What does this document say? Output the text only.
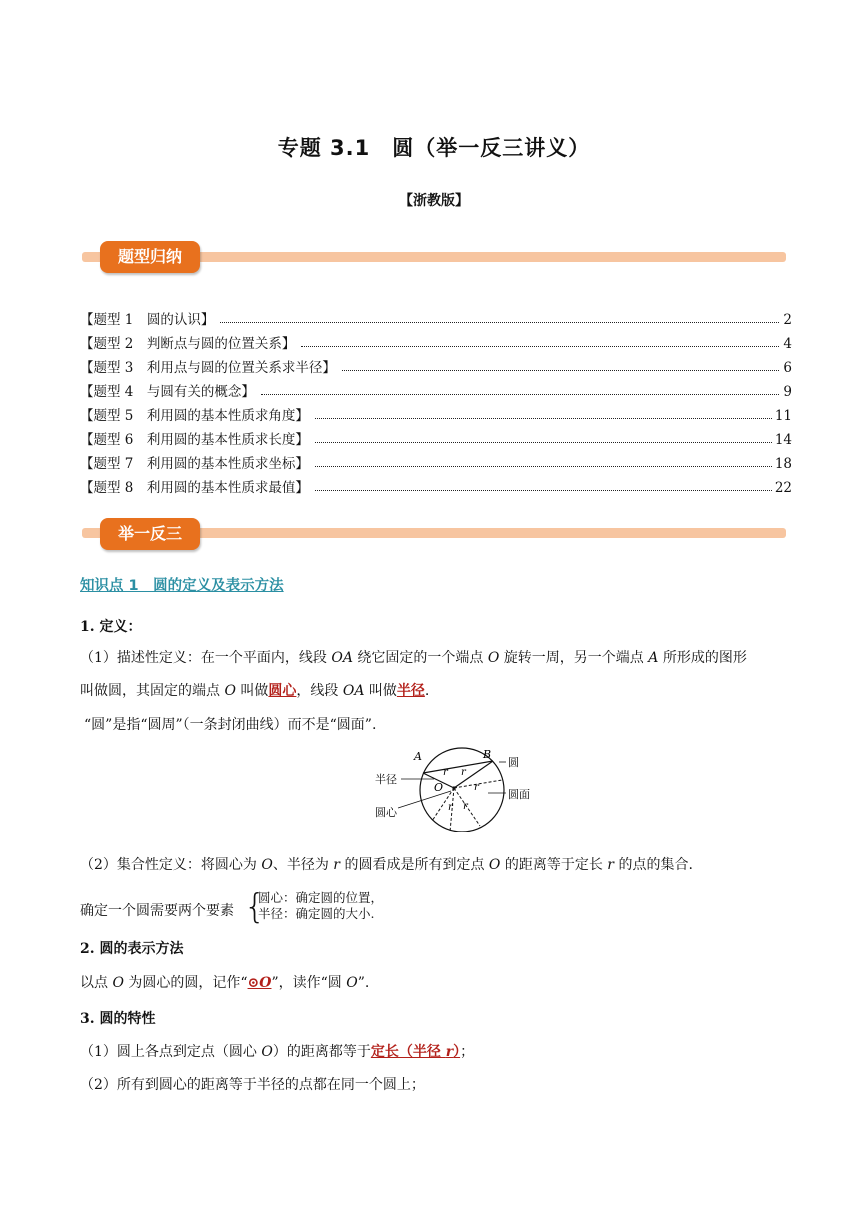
专题 3.1　圆（举一反三讲义）
【浙教版】
题型归纳
【题型 1　圆的认识】	2
【题型 2　判断点与圆的位置关系】	4
【题型 3　利用点与圆的位置关系求半径】	6
【题型 4　与圆有关的概念】	9
【题型 5　利用圆的基本性质求角度】	11
【题型 6　利用圆的基本性质求长度】	14
【题型 7　利用圆的基本性质求坐标】	18
【题型 8　利用圆的基本性质求最值】	22
举一反三
知识点 1　圆的定义及表示方法
1. 定义：
（1）描述性定义：在一个平面内，线段 OA 绕它固定的一个端点 O 旋转一周，另一个端点 A 所形成的图形
叫做圆，其固定的端点 O 叫做圆心，线段 OA 叫做半径.
“圆”是指“圆周”（一条封闭曲线）而不是“圆面”.
A	B
O
r r
r
r r
圆
半径
圆面
圆心
（2）集合性定义：将圆心为 O、半径为 r 的圆看成是所有到定点 O 的距离等于定长 r 的点的集合.
确定一个圆需要两个要素 {
圆心：确定圆的位置，
半径：确定圆的大小.
2. 圆的表示方法
以点 O 为圆心的圆，记作“⊙O”，读作“圆 O”.
3. 圆的特性
（1）圆上各点到定点（圆心 O）的距离都等于定长（半径 r）；
（2）所有到圆心的距离等于半径的点都在同一个圆上；
